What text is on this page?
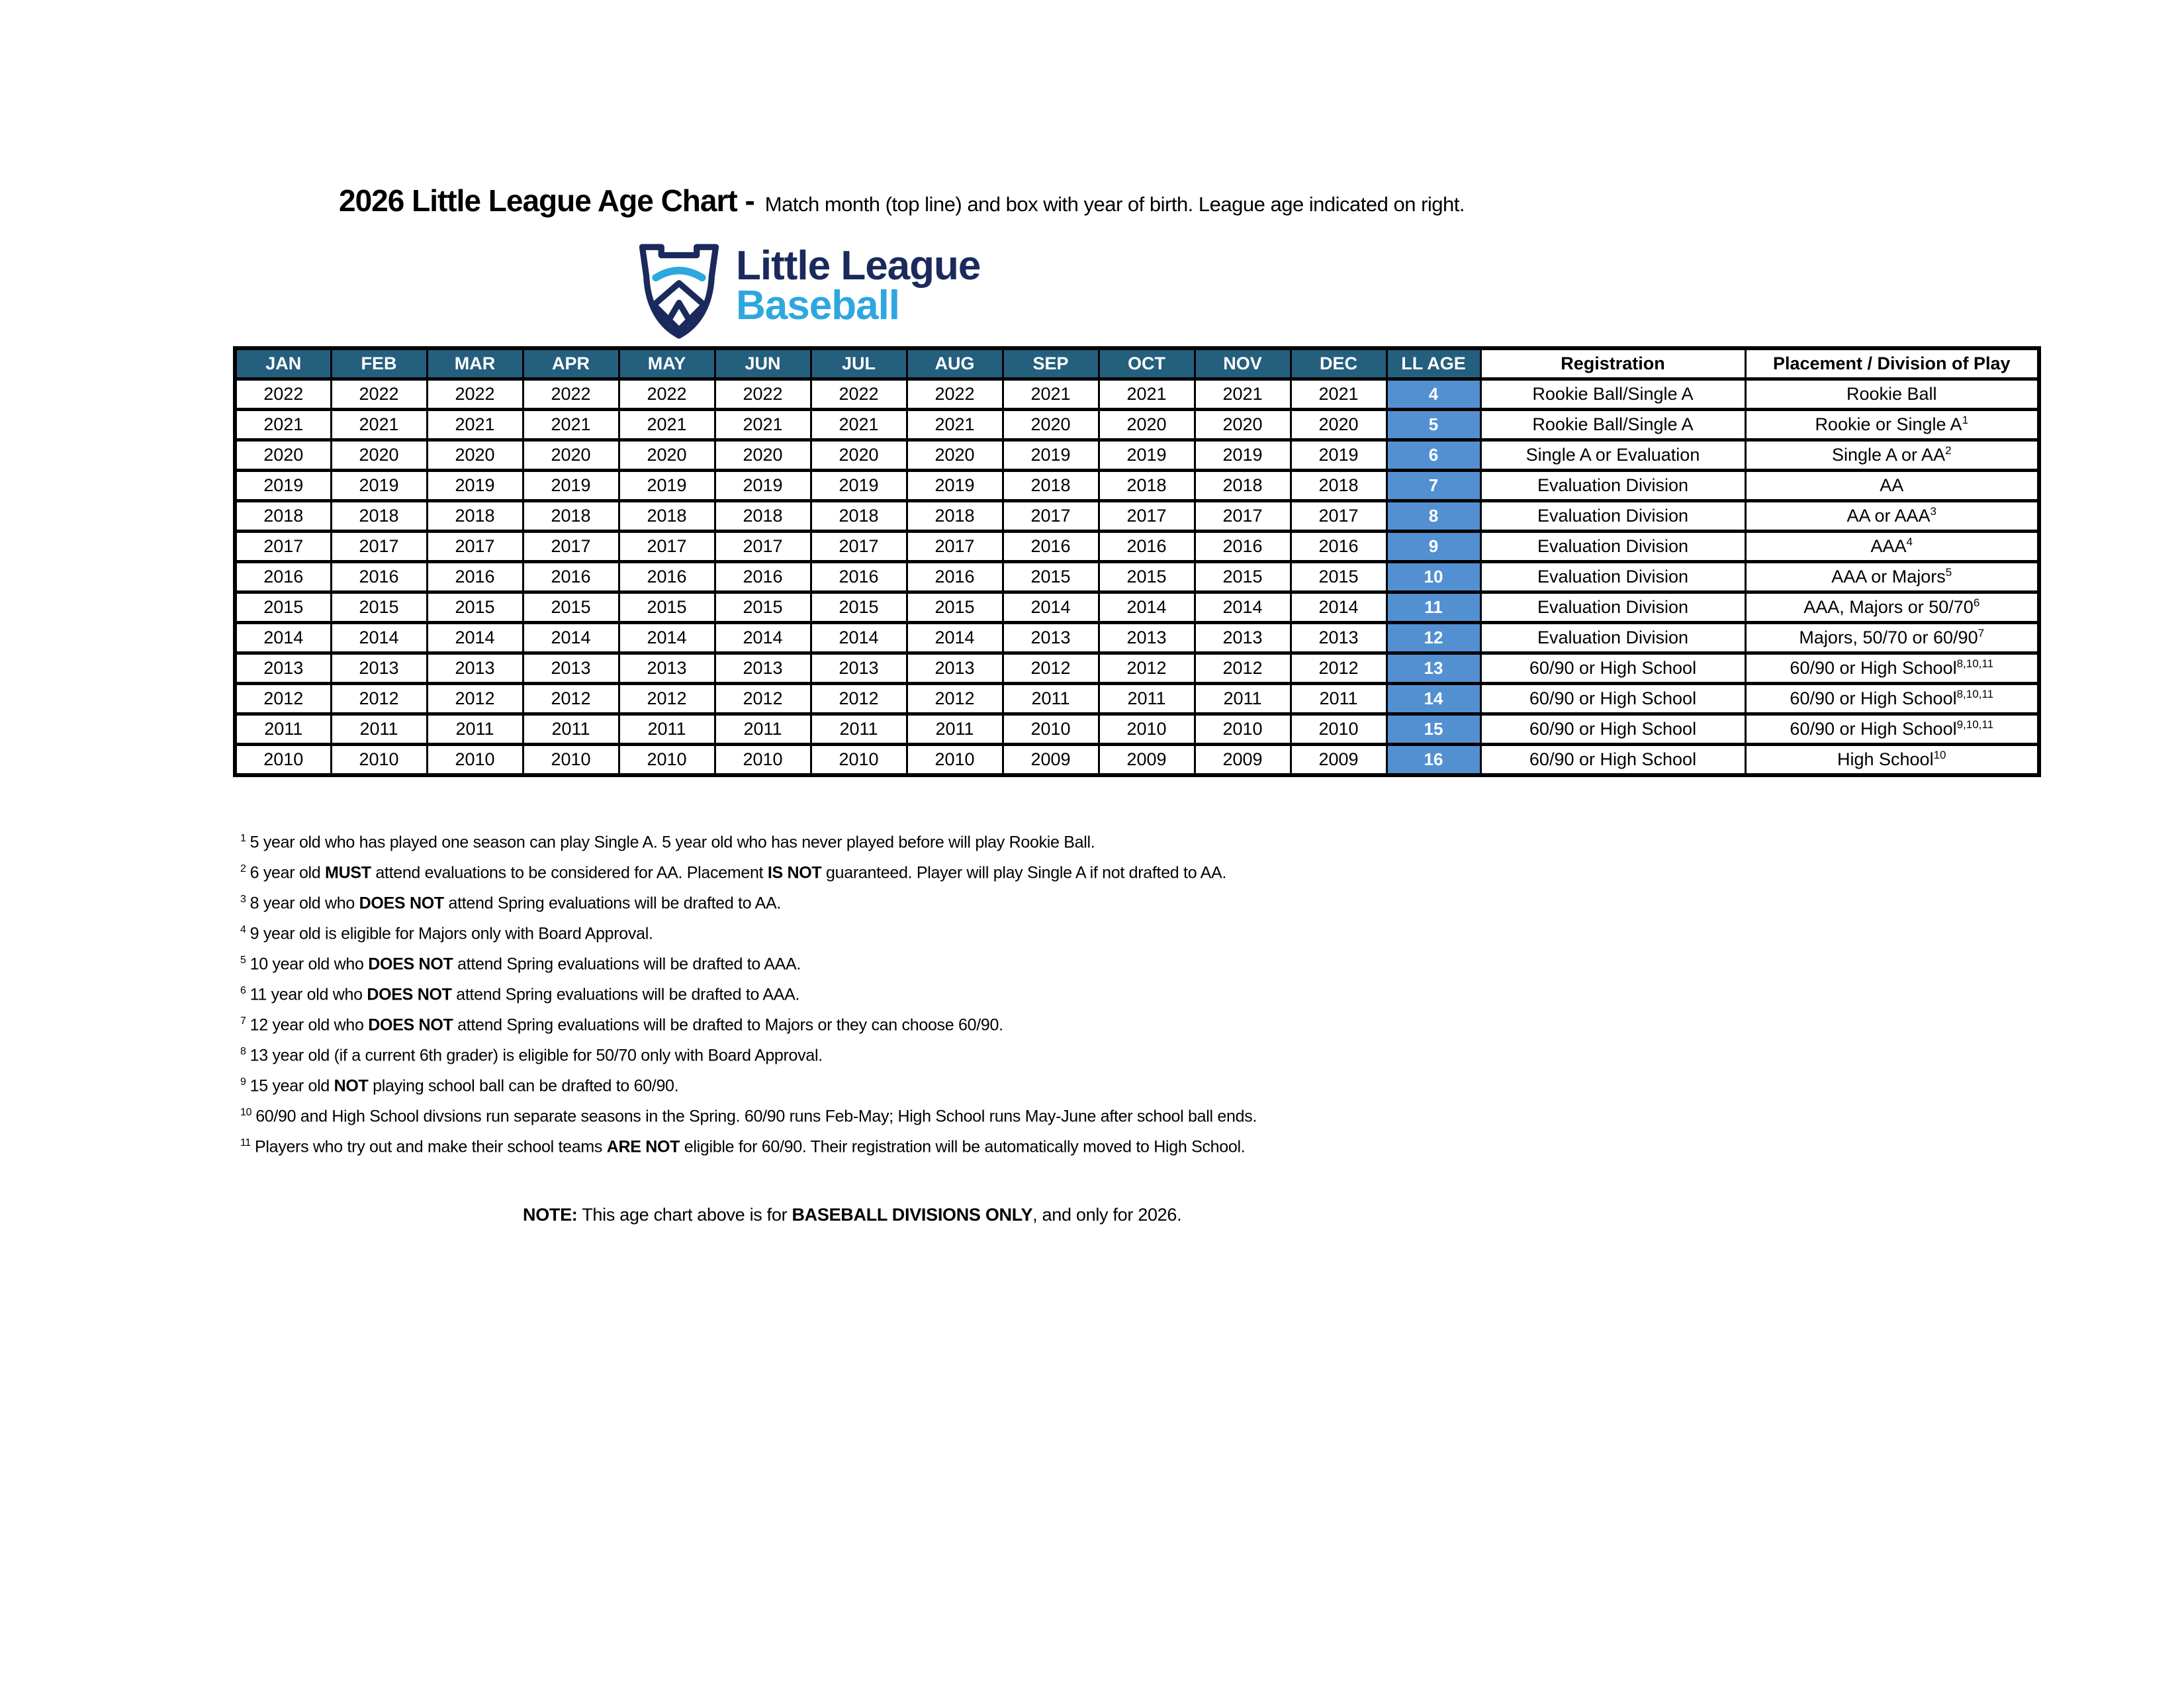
2026 Little League Age Chart - Match month (top line) and box with year of birth. League age indicated on right.
Little League
Baseball
JAN	FEB	MAR	APR	MAY	JUN	JUL	AUG	SEP	OCT	NOV	DEC	LL AGE	Registration	Placement / Division of Play
2022	2022	2022	2022	2022	2022	2022	2022	2021	2021	2021	2021	4	Rookie Ball/Single A	Rookie Ball
2021	2021	2021	2021	2021	2021	2021	2021	2020	2020	2020	2020	5	Rookie Ball/Single A	Rookie or Single $A^1$
2020	2020	2020	2020	2020	2020	2020	2020	2019	2019	2019	2019	6	Single A or Evaluation	Single A or $AA^2$
2019	2019	2019	2019	2019	2019	2019	2019	2018	2018	2018	2018	7	Evaluation Division	AA
2018	2018	2018	2018	2018	2018	2018	2018	2017	2017	2017	2017	8	Evaluation Division	AA or AAA$^3$
2017	2017	2017	2017	2017	2017	2017	2017	2016	2016	2016	2016	9	Evaluation Division	AAA$^4$
2016	2016	2016	2016	2016	2016	2016	2016	2015	2015	2015	2015	10	Evaluation Division	AAA or Majors$^5$
2015	2015	2015	2015	2015	2015	2015	2015	2014	2014	2014	2014	11	Evaluation Division	AAA, Majors or $50/70^6$
2014	2014	2014	2014	2014	2014	2014	2014	2013	2013	2013	2013	12	Evaluation Division	Majors, 50/70 or $60/90^7$
2013	2013	2013	2013	2013	2013	2013	2013	2012	2012	2012	2012	13	60/90 or High School	60/90 or High School$^{8,10,11}$
2012	2012	2012	2012	2012	2012	2012	2012	2011	2011	2011	2011	14	60/90 or High School	60/90 or High School$^{8,10,11}$
2011	2011	2011	2011	2011	2011	2011	2011	2010	2010	2010	2010	15	60/90 or High School	60/90 or High School$^{9,10,11}$
2010	2010	2010	2010	2010	2010	2010	2010	2009	2009	2009	2009	16	60/90 or High School	High School$^{10}$
$^1$ 5 year old who has played one season can play Single A. 5 year old who has never played before will play Rookie Ball.
$^2$ 6 year old MUST attend evaluations to be considered for AA. Placement IS NOT guaranteed. Player will play Single A if not drafted to AA.
$^3$ 8 year old who DOES NOT attend Spring evaluations will be drafted to AA.
$^4$ 9 year old is eligible for Majors only with Board Approval.
$^5$ 10 year old who DOES NOT attend Spring evaluations will be drafted to AAA.
$^6$ 11 year old who DOES NOT attend Spring evaluations will be drafted to AAA.
$^7$ 12 year old who DOES NOT attend Spring evaluations will be drafted to Majors or they can choose 60/90.
$^8$ 13 year old (if a current 6th grader) is eligible for 50/70 only with Board Approval.
$^9$ 15 year old NOT playing school ball can be drafted to 60/90.
$^{10}$ 60/90 and High School divsions run separate seasons in the Spring. 60/90 runs Feb-May; High School runs May-June after school ball ends.
$^{11}$ Players who try out and make their school teams ARE NOT eligible for 60/90. Their registration will be automatically moved to High School.
NOTE: This age chart above is for BASEBALL DIVISIONS ONLY, and only for 2026.
